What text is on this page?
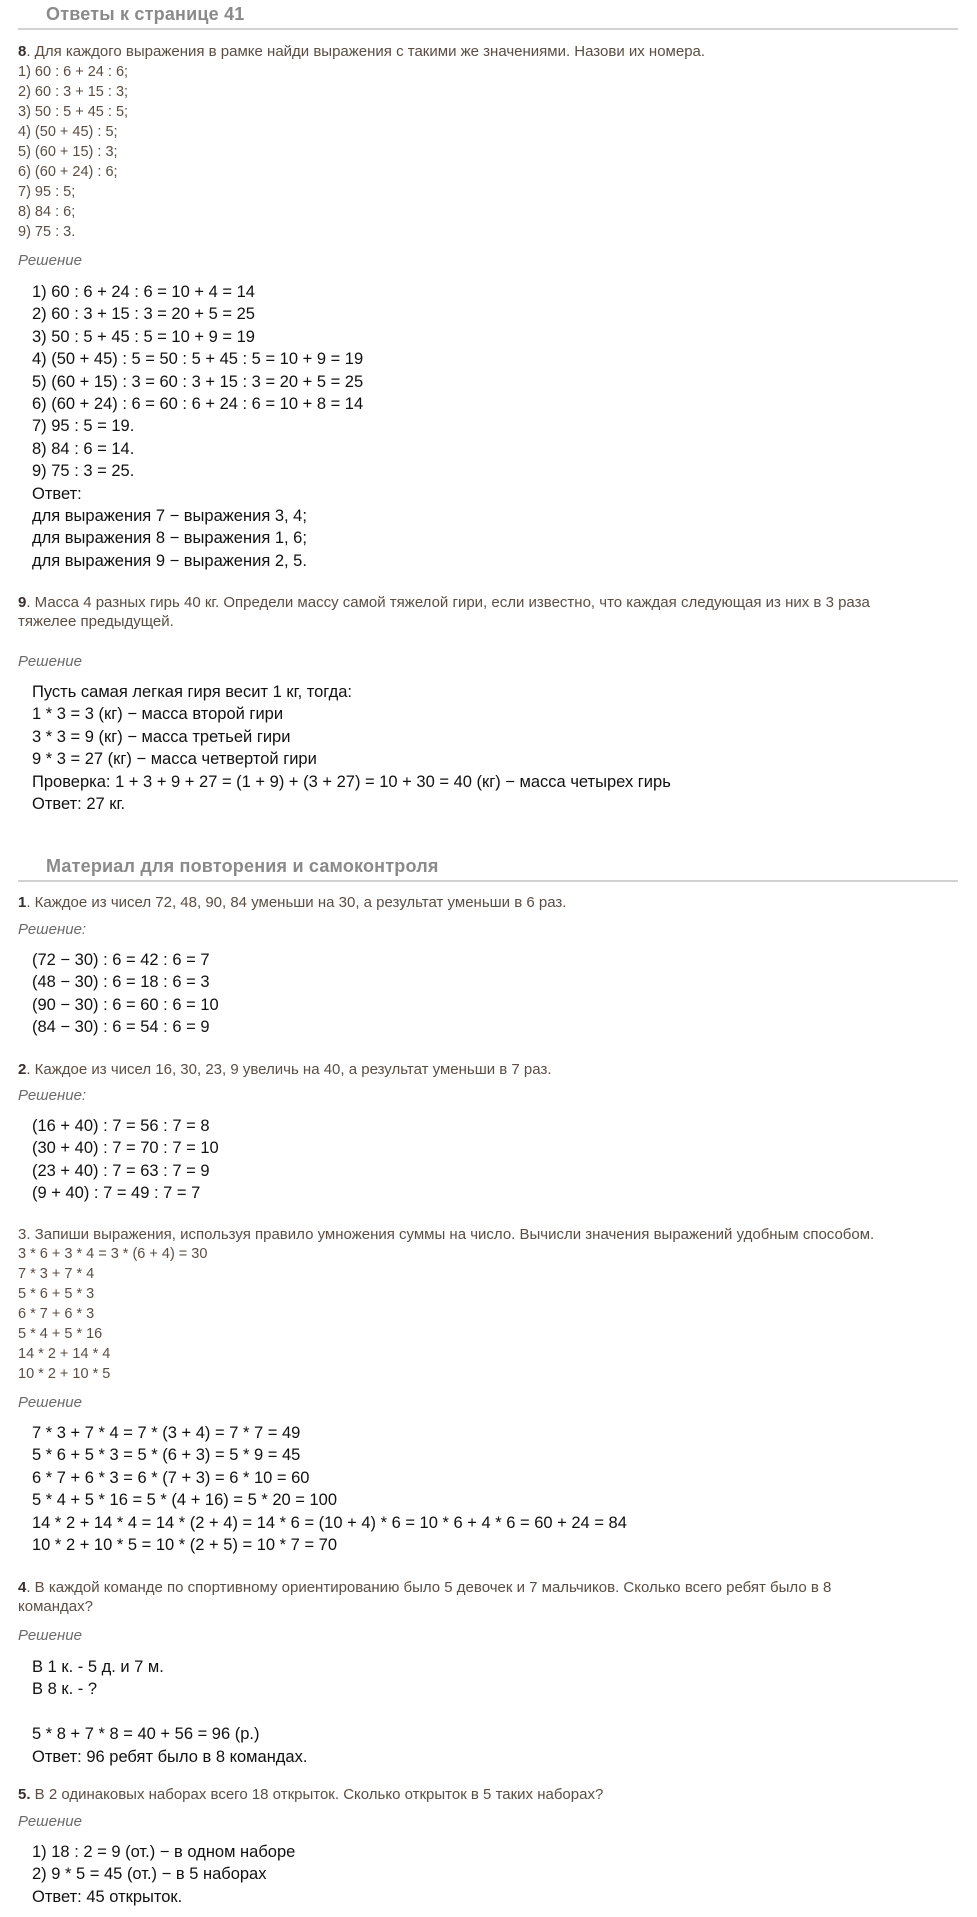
Ответы к странице 41
8. Для каждого выражения в рамке найди выражения с такими же значениями. Назови их номера.
1) 60 : 6 + 24 : 6;
2) 60 : 3 + 15 : 3;
3) 50 : 5 + 45 : 5;
4) (50 + 45) : 5;
5) (60 + 15) : 3;
6) (60 + 24) : 6;
7) 95 : 5;
8) 84 : 6;
9) 75 : 3.
Решение
1) 60 : 6 + 24 : 6 = 10 + 4 = 14
2) 60 : 3 + 15 : 3 = 20 + 5 = 25
3) 50 : 5 + 45 : 5 = 10 + 9 = 19
4) (50 + 45) : 5 = 50 : 5 + 45 : 5 = 10 + 9 = 19
5) (60 + 15) : 3 = 60 : 3 + 15 : 3 = 20 + 5 = 25
6) (60 + 24) : 6 = 60 : 6 + 24 : 6 = 10 + 8 = 14
7) 95 : 5 = 19.
8) 84 : 6 = 14.
9) 75 : 3 = 25.
Ответ:
для выражения 7 − выражения 3, 4;
для выражения 8 − выражения 1, 6;
для выражения 9 − выражения 2, 5.
9. Масса 4 разных гирь 40 кг. Определи массу самой тяжелой гири, если известно, что каждая следующая из них в 3 раза
тяжелее предыдущей.
Решение
Пусть самая легкая гиря весит 1 кг, тогда:
1 * 3 = 3 (кг) − масса второй гири
3 * 3 = 9 (кг) − масса третьей гири
9 * 3 = 27 (кг) − масса четвертой гири
Проверка: 1 + 3 + 9 + 27 = (1 + 9) + (3 + 27) = 10 + 30 = 40 (кг) − масса четырех гирь
Ответ: 27 кг.
Материал для повторения и самоконтроля
1. Каждое из чисел 72, 48, 90, 84 уменьши на 30, а результат уменьши в 6 раз.
Решение:
(72 − 30) : 6 = 42 : 6 = 7
(48 − 30) : 6 = 18 : 6 = 3
(90 − 30) : 6 = 60 : 6 = 10
(84 − 30) : 6 = 54 : 6 = 9
2. Каждое из чисел 16, 30, 23, 9 увеличь на 40, а результат уменьши в 7 раз.
Решение:
(16 + 40) : 7 = 56 : 7 = 8
(30 + 40) : 7 = 70 : 7 = 10
(23 + 40) : 7 = 63 : 7 = 9
(9 + 40) : 7 = 49 : 7 = 7
3. Запиши выражения, используя правило умножения суммы на число. Вычисли значения выражений удобным способом.
3 * 6 + 3 * 4 = 3 * (6 + 4) = 30
7 * 3 + 7 * 4
5 * 6 + 5 * 3
6 * 7 + 6 * 3
5 * 4 + 5 * 16
14 * 2 + 14 * 4
10 * 2 + 10 * 5
Решение
7 * 3 + 7 * 4 = 7 * (3 + 4) = 7 * 7 = 49
5 * 6 + 5 * 3 = 5 * (6 + 3) = 5 * 9 = 45
6 * 7 + 6 * 3 = 6 * (7 + 3) = 6 * 10 = 60
5 * 4 + 5 * 16 = 5 * (4 + 16) = 5 * 20 = 100
14 * 2 + 14 * 4 = 14 * (2 + 4) = 14 * 6 = (10 + 4) * 6 = 10 * 6 + 4 * 6 = 60 + 24 = 84
10 * 2 + 10 * 5 = 10 * (2 + 5) = 10 * 7 = 70
4. В каждой команде по спортивному ориентированию было 5 девочек и 7 мальчиков. Сколько всего ребят было в 8
командах?
Решение
В 1 к. - 5 д. и 7 м.
В 8 к. - ?
5 * 8 + 7 * 8 = 40 + 56 = 96 (р.)
Ответ: 96 ребят было в 8 командах.
5. В 2 одинаковых наборах всего 18 открыток. Сколько открыток в 5 таких наборах?
Решение
1) 18 : 2 = 9 (от.) − в одном наборе
2) 9 * 5 = 45 (от.) − в 5 наборах
Ответ: 45 открыток.
